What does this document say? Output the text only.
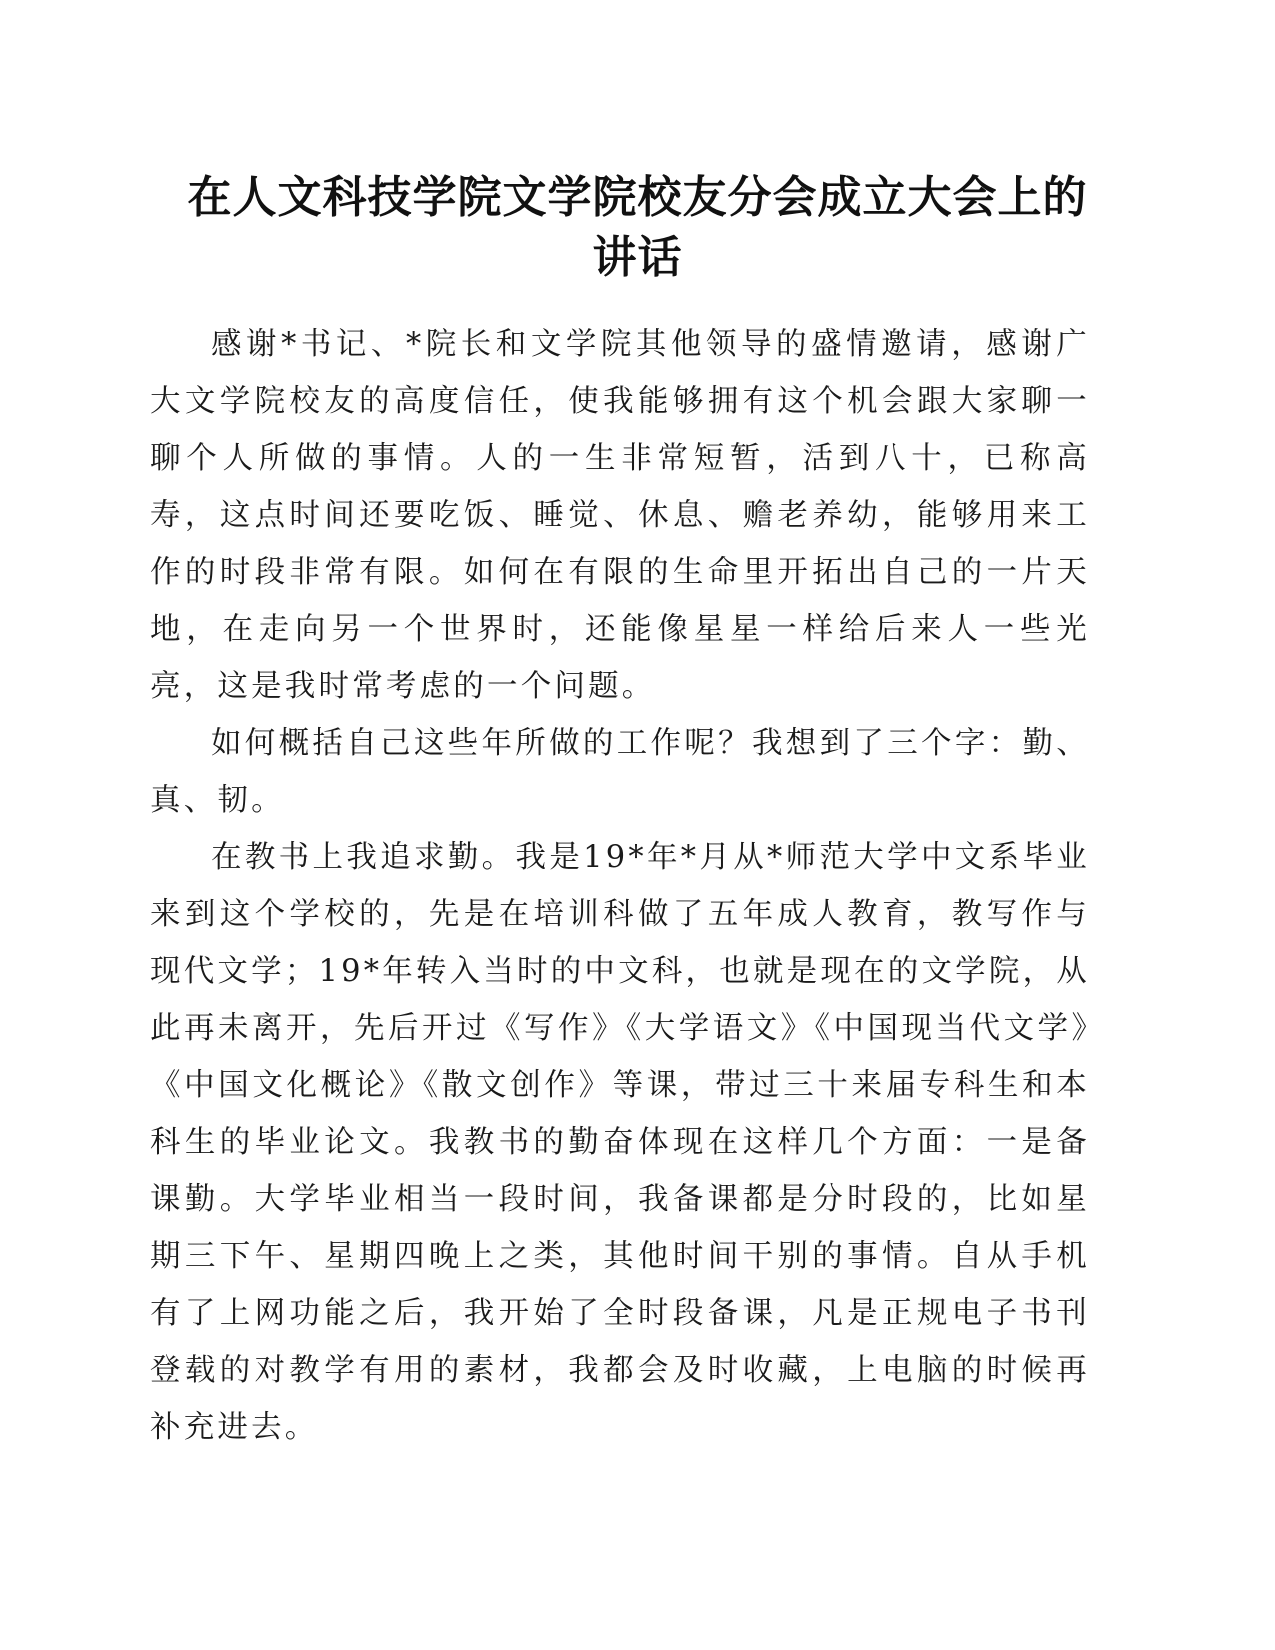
在人文科技学院文学院校友分会成立大会上的
讲话

感谢*书记、*院长和文学院其他领导的盛情邀请，感谢广大文学院校友的高度信任，使我能够拥有这个机会跟大家聊一聊个人所做的事情。人的一生非常短暂，活到八十，已称高寿，这点时间还要吃饭、睡觉、休息、赡老养幼，能够用来工作的时段非常有限。如何在有限的生命里开拓出自己的一片天地，在走向另一个世界时，还能像星星一样给后来人一些光亮，这是我时常考虑的一个问题。

如何概括自己这些年所做的工作呢？我想到了三个字：勤、真、韧。

在教书上我追求勤。我是19*年*月从*师范大学中文系毕业来到这个学校的，先是在培训科做了五年成人教育，教写作与现代文学；19*年转入当时的中文科，也就是现在的文学院，从此再未离开，先后开过《写作》《大学语文》《中国现当代文学》《中国文化概论》《散文创作》等课，带过三十来届专科生和本科生的毕业论文。我教书的勤奋体现在这样几个方面：一是备课勤。大学毕业相当一段时间，我备课都是分时段的，比如星期三下午、星期四晚上之类，其他时间干别的事情。自从手机有了上网功能之后，我开始了全时段备课，凡是正规电子书刊登载的对教学有用的素材，我都会及时收藏，上电脑的时候再补充进去。
